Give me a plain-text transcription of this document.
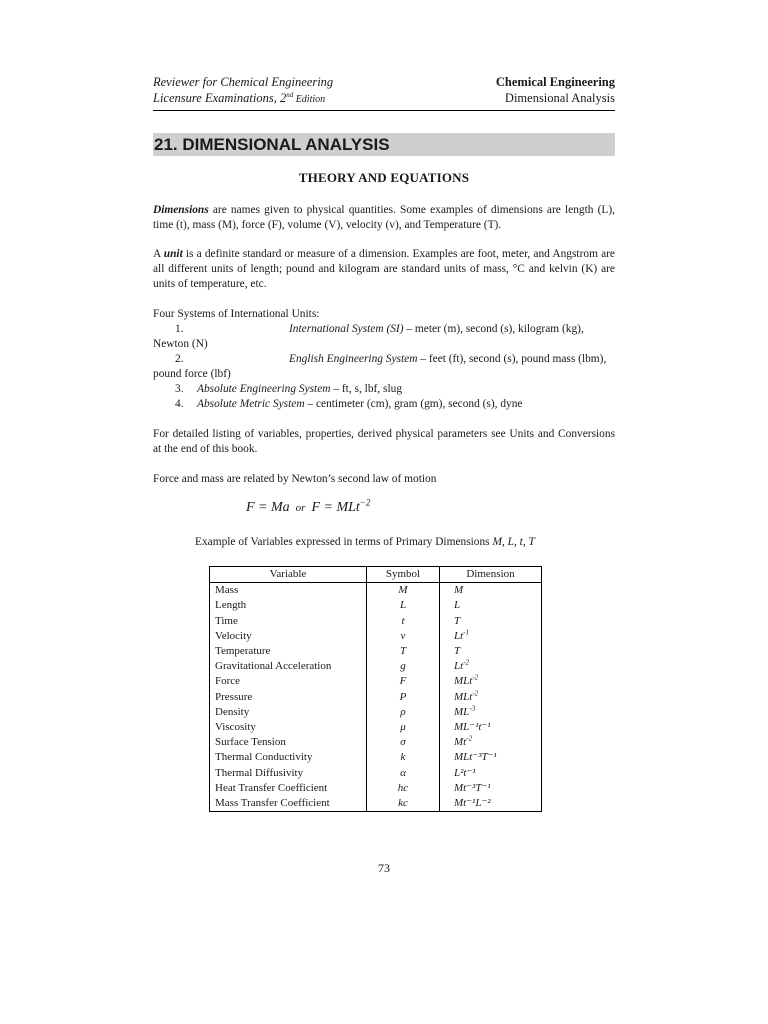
Reviewer for Chemical Engineering
Licensure Examinations, 2nd Edition
Chemical Engineering
Dimensional Analysis
21. DIMENSIONAL ANALYSIS
THEORY AND EQUATIONS
Dimensions are names given to physical quantities. Some examples of dimensions are length (L), time (t), mass (M), force (F), volume (V), velocity (v), and Temperature (T).
A unit is a definite standard or measure of a dimension. Examples are foot, meter, and Angstrom are all different units of length; pound and kilogram are standard units of mass, °C and kelvin (K) are units of temperature, etc.
Four Systems of International Units:
1.	International System (SI) – meter (m), second (s), kilogram (kg), Newton (N)
2.	English Engineering System – feet (ft), second (s), pound mass (lbm), pound force (lbf)
3. Absolute Engineering System – ft, s, lbf, slug
4. Absolute Metric System – centimeter (cm), gram (gm), second (s), dyne
For detailed listing of variables, properties, derived physical parameters see Units and Conversions at the end of this book.
Force and mass are related by Newton’s second law of motion
F = Ma or F = MLt$^{-2}$
Example of Variables expressed in terms of Primary Dimensions M, L, t, T
Variable	Symbol	Dimension
Mass	M	M
Length	L	L
Time	t	T
Velocity	v	$Lt^{-1}$
Temperature	T	T
Gravitational Acceleration	g	$Lt^{-2}$
Force	F	MLt$^{-2}$
Pressure	P	MLt$^{-2}$
Density	ρ	$ML^{-3}$
Viscosity	μ	ML⁻¹t⁻¹
Surface Tension	σ	$Mt^{-2}$
Thermal Conductivity	k	MLt⁻³T⁻¹
Thermal Diffusivity	α	L²t⁻¹
Heat Transfer Coefficient	hc	Mt⁻³T⁻¹
Mass Transfer Coefficient	kc	Mt⁻¹L⁻²
73
